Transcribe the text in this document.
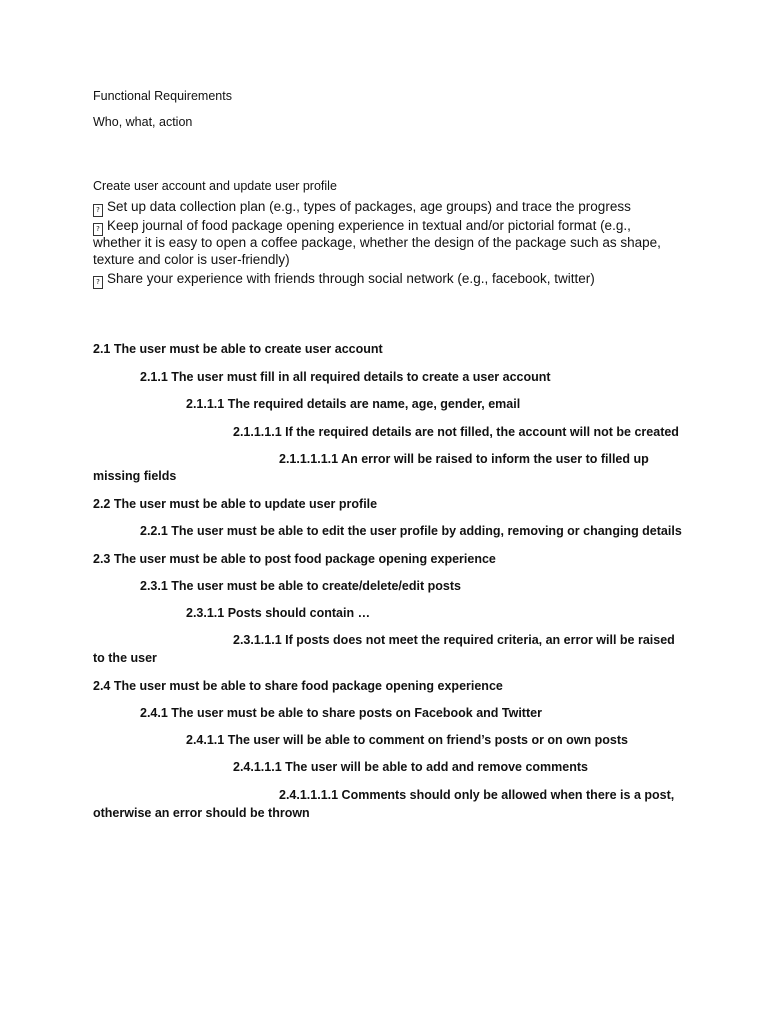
Functional Requirements
Who, what, action
Create user account and update user profile
? Set up data collection plan (e.g., types of packages, age groups) and trace the progress
? Keep journal of food package opening experience in textual and/or pictorial format (e.g.,
whether it is easy to open a coffee package, whether the design of the package such as shape,
texture and color is user-friendly)
? Share your experience with friends through social network (e.g., facebook, twitter)
2.1 The user must be able to create user account
2.1.1 The user must fill in all required details to create a user account
2.1.1.1 The required details are name, age, gender, email
2.1.1.1.1 If the required details are not filled, the account will not be created
2.1.1.1.1.1 An error will be raised to inform the user to filled up
missing fields
2.2 The user must be able to update user profile
2.2.1 The user must be able to edit the user profile by adding, removing or changing details
2.3 The user must be able to post food package opening experience
2.3.1 The user must be able to create/delete/edit posts
2.3.1.1 Posts should contain …
2.3.1.1.1 If posts does not meet the required criteria, an error will be raised
to the user
2.4 The user must be able to share food package opening experience
2.4.1 The user must be able to share posts on Facebook and Twitter
2.4.1.1 The user will be able to comment on friend’s posts or on own posts
2.4.1.1.1 The user will be able to add and remove comments
2.4.1.1.1.1 Comments should only be allowed when there is a post,
otherwise an error should be thrown
